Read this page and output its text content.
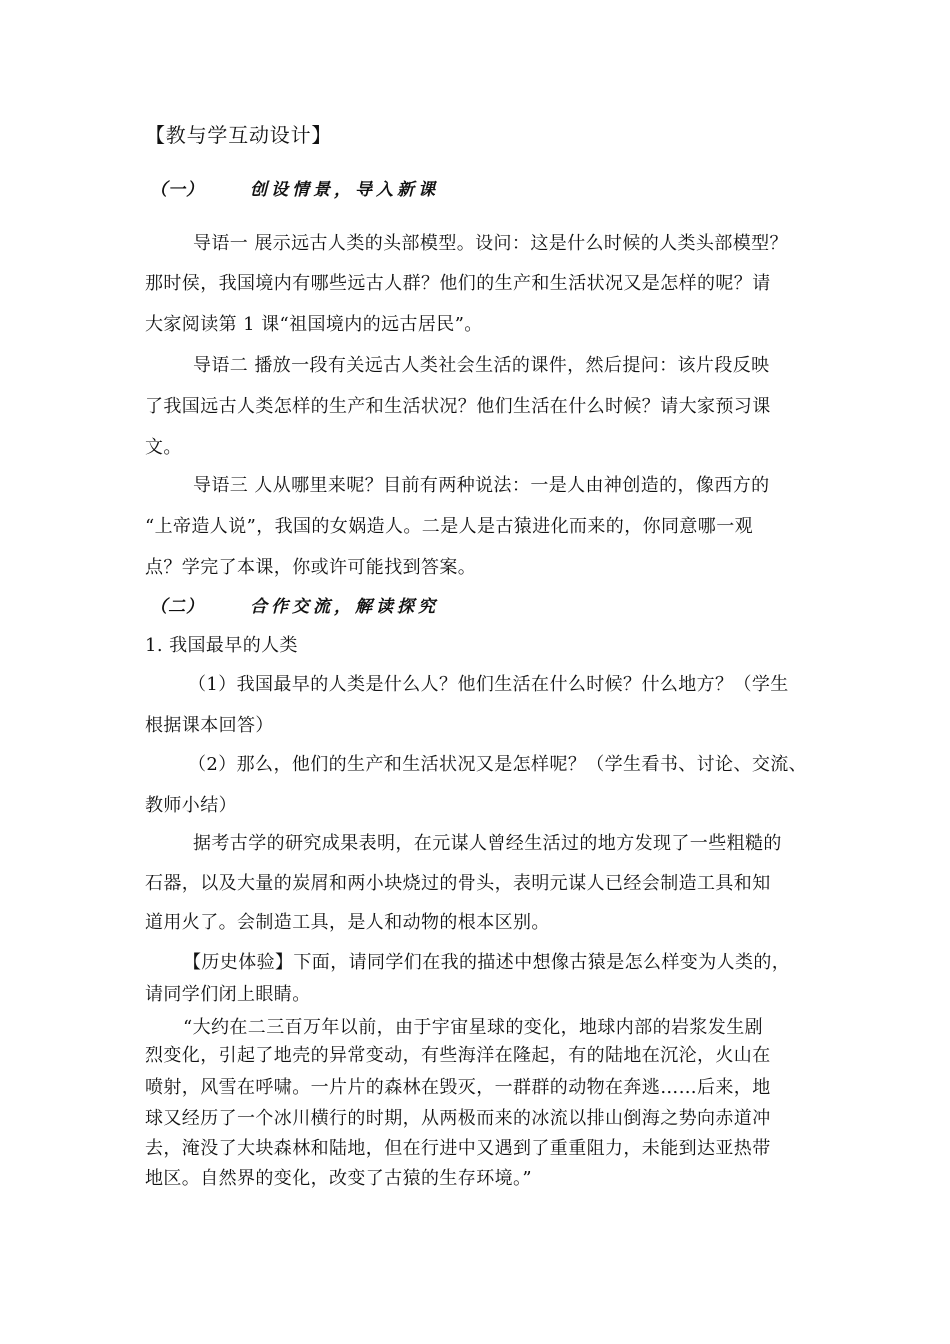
【教与学互动设计】
（一）	创设情景，导入新课
导语一 展示远古人类的头部模型。设问：这是什么时候的人类头部模型？
那时侯，我国境内有哪些远古人群？他们的生产和生活状况又是怎样的呢？请
大家阅读第 1 课“祖国境内的远古居民”。
导语二 播放一段有关远古人类社会生活的课件，然后提问：该片段反映
了我国远古人类怎样的生产和生活状况？他们生活在什么时候？请大家预习课
文。
导语三 人从哪里来呢？目前有两种说法：一是人由神创造的，像西方的
“上帝造人说”，我国的女娲造人。二是人是古猿进化而来的，你同意哪一观
点？学完了本课，你或许可能找到答案。
（二）	合作交流，解读探究
1. 我国最早的人类
（1）我国最早的人类是什么人？他们生活在什么时候？什么地方？（学生
根据课本回答）
（2）那么，他们的生产和生活状况又是怎样呢？（学生看书、讨论、交流、
教师小结）
据考古学的研究成果表明，在元谋人曾经生活过的地方发现了一些粗糙的
石器，以及大量的炭屑和两小块烧过的骨头，表明元谋人已经会制造工具和知
道用火了。会制造工具，是人和动物的根本区别。
【历史体验】下面，请同学们在我的描述中想像古猿是怎么样变为人类的，
请同学们闭上眼睛。
“大约在二三百万年以前，由于宇宙星球的变化，地球内部的岩浆发生剧
烈变化，引起了地壳的异常变动，有些海洋在隆起，有的陆地在沉沦，火山在
喷射，风雪在呼啸。一片片的森林在毁灭，一群群的动物在奔逃……后来，地
球又经历了一个冰川横行的时期，从两极而来的冰流以排山倒海之势向赤道冲
去，淹没了大块森林和陆地，但在行进中又遇到了重重阻力，未能到达亚热带
地区。自然界的变化，改变了古猿的生存环境。”
